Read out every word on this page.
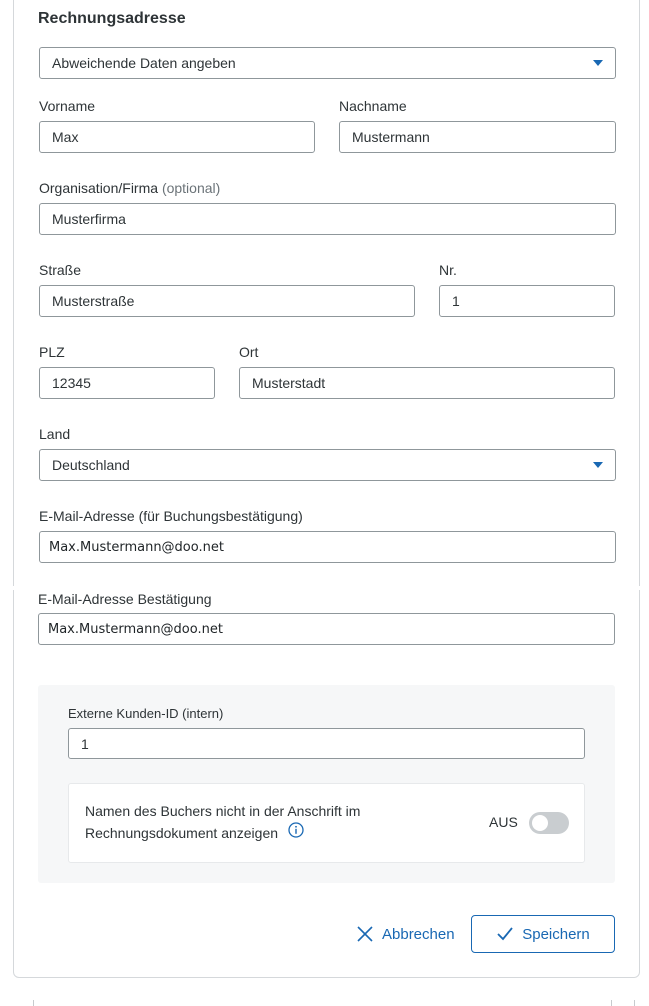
Rechnungsadresse
Abweichende Daten angeben
Vorname	Nachname
Max	Mustermann
Organisation/Firma (optional)
Musterfirma
Straße	Nr.
Musterstraße	1
PLZ	Ort
12345	Musterstadt
Land
Deutschland
E-Mail-Adresse (für Buchungsbestätigung)
Max.Mustermann@doo.net
E-Mail-Adresse Bestätigung
Max.Mustermann@doo.net
Externe Kunden-ID (intern)
1
Namen des Buchers nicht in der Anschrift im
Rechnungsdokument anzeigen
AUS
Abbrechen	Speichern
